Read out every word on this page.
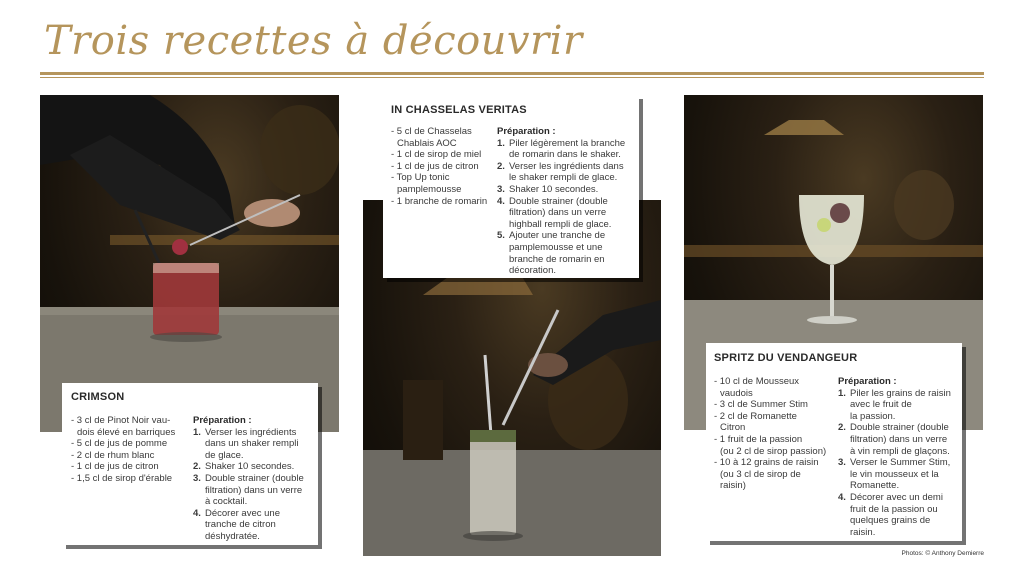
Trois recettes à découvrir
CRIMSON
- 3 cl de Pinot Noir vau-
dois élevé en barriques
- 5 cl de jus de pomme
- 2 cl de rhum blanc
- 1 cl de jus de citron
- 1,5 cl de sirop d'érable
Préparation :
1. Verser les ingrédients
dans un shaker rempli
de glace.
2. Shaker 10 secondes.
3. Double strainer (double
filtration) dans un verre
à cocktail.
4. Décorer avec une
tranche de citron
déshydratée.
IN CHASSELAS VERITAS
- 5 cl de Chasselas
Chablais AOC
- 1 cl de sirop de miel
- 1 cl de jus de citron
- Top Up tonic
pamplemousse
- 1 branche de romarin
Préparation :
1. Piler légèrement la branche
de romarin dans le shaker.
2. Verser les ingrédients dans
le shaker rempli de glace.
3. Shaker 10 secondes.
4. Double strainer (double
filtration) dans un verre
highball rempli de glace.
5. Ajouter une tranche de
pamplemousse et une
branche de romarin en
décoration.
SPRITZ DU VENDANGEUR
- 10 cl de Mousseux
vaudois
- 3 cl de Summer Stim
- 2 cl de Romanette
Citron
- 1 fruit de la passion
(ou 2 cl de sirop passion)
- 10 à 12 grains de raisin
(ou 3 cl de sirop de
raisin)
Préparation :
1. Piler les grains de raisin
avec le fruit de
la passion.
2. Double strainer (double
filtration) dans un verre
à vin rempli de glaçons.
3. Verser le Summer Stim,
le vin mousseux et la
Romanette.
4. Décorer avec un demi
fruit de la passion ou
quelques grains de
raisin.
Photos: © Anthony Demierre
